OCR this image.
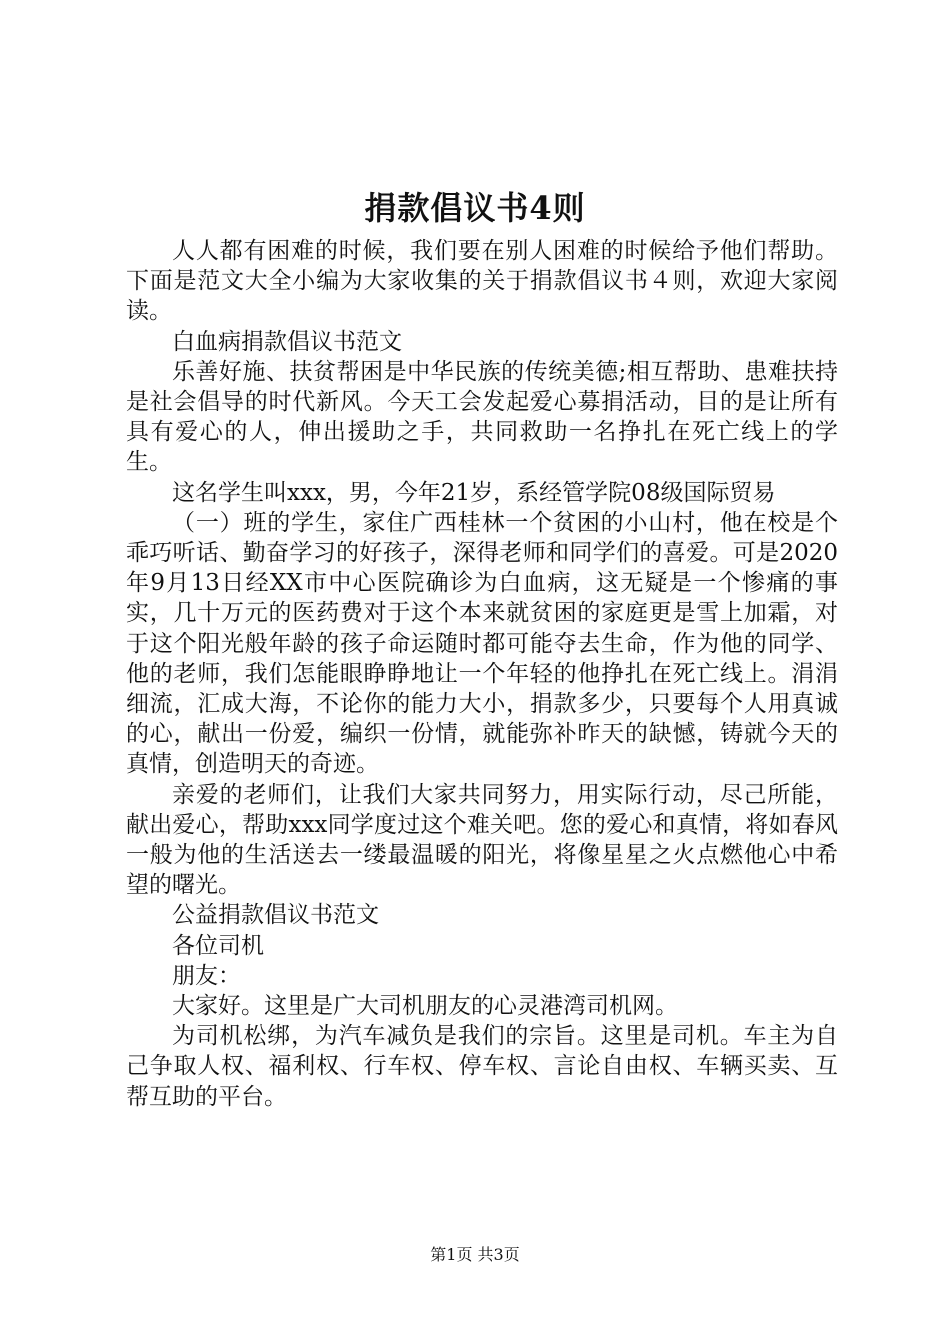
捐款倡议书4则

人人都有困难的时候，我们要在别人困难的时候给予他们帮助。下面是范文大全小编为大家收集的关于捐款倡议书４则，欢迎大家阅读。

白血病捐款倡议书范文

乐善好施、扶贫帮困是中华民族的传统美德;相互帮助、患难扶持是社会倡导的时代新风。今天工会发起爱心募捐活动，目的是让所有具有爱心的人，伸出援助之手，共同救助一名挣扎在死亡线上的学生。

这名学生叫xxx，男，今年21岁，系经管学院08级国际贸易

（一）班的学生，家住广西桂林一个贫困的小山村，他在校是个乖巧听话、勤奋学习的好孩子，深得老师和同学们的喜爱。可是2020年9月13日经XX市中心医院确诊为白血病，这无疑是一个惨痛的事实，几十万元的医药费对于这个本来就贫困的家庭更是雪上加霜，对于这个阳光般年龄的孩子命运随时都可能夺去生命，作为他的同学、他的老师，我们怎能眼睁睁地让一个年轻的他挣扎在死亡线上。涓涓细流，汇成大海，不论你的能力大小，捐款多少，只要每个人用真诚的心，献出一份爱，编织一份情，就能弥补昨天的缺憾，铸就今天的真情，创造明天的奇迹。

亲爱的老师们，让我们大家共同努力，用实际行动，尽己所能，献出爱心，帮助xxx同学度过这个难关吧。您的爱心和真情，将如春风一般为他的生活送去一缕最温暖的阳光，将像星星之火点燃他心中希望的曙光。

公益捐款倡议书范文

各位司机

朋友：

大家好。这里是广大司机朋友的心灵港湾司机网。

为司机松绑，为汽车减负是我们的宗旨。这里是司机。车主为自己争取人权、福利权、行车权、停车权、言论自由权、车辆买卖、互帮互助的平台。

第1页 共3页
